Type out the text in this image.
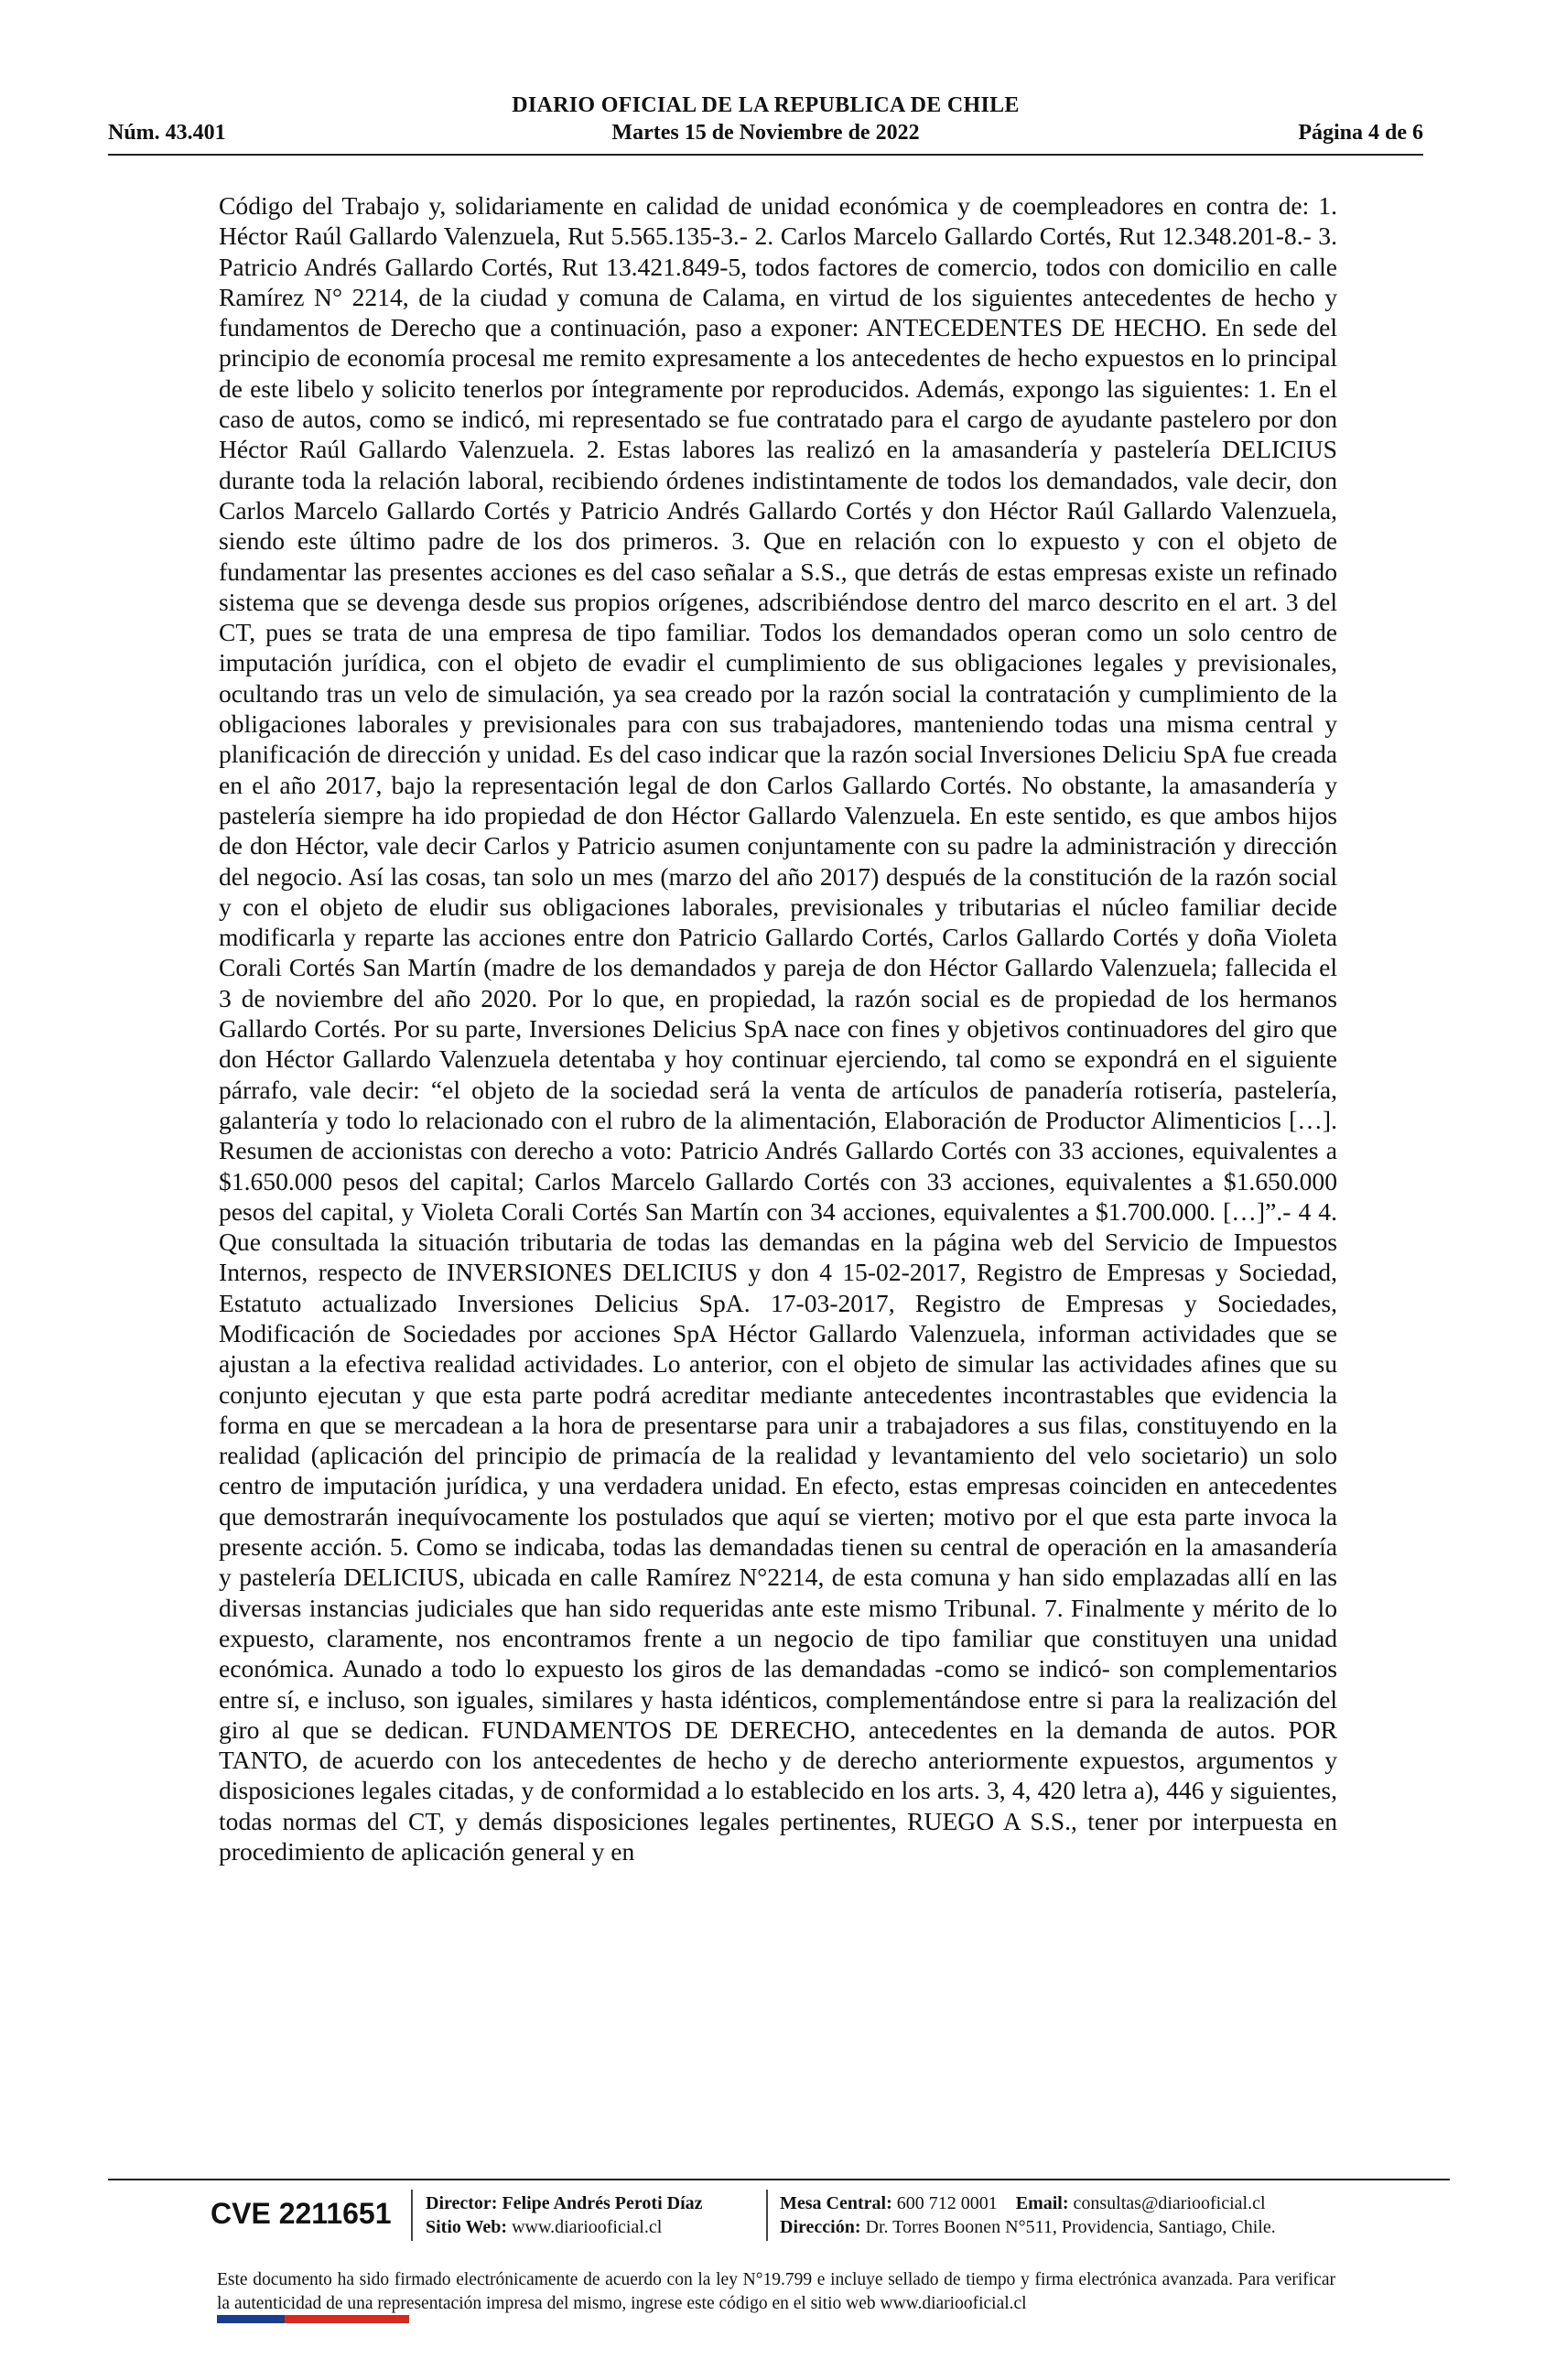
DIARIO OFICIAL DE LA REPUBLICA DE CHILE
Núm. 43.401	Martes 15 de Noviembre de 2022	Página 4 de 6

Código del Trabajo y, solidariamente en calidad de unidad económica y de coempleadores en contra de: 1. Héctor Raúl Gallardo Valenzuela, Rut 5.565.135-3.- 2. Carlos Marcelo Gallardo Cortés, Rut 12.348.201-8.- 3. Patricio Andrés Gallardo Cortés, Rut 13.421.849-5, todos factores de comercio, todos con domicilio en calle Ramírez N° 2214, de la ciudad y comuna de Calama, en virtud de los siguientes antecedentes de hecho y fundamentos de Derecho que a continuación, paso a exponer: ANTECEDENTES DE HECHO. En sede del principio de economía procesal me remito expresamente a los antecedentes de hecho expuestos en lo principal de este libelo y solicito tenerlos por íntegramente por reproducidos. Además, expongo las siguientes: 1. En el caso de autos, como se indicó, mi representado se fue contratado para el cargo de ayudante pastelero por don Héctor Raúl Gallardo Valenzuela. 2. Estas labores las realizó en la amasandería y pastelería DELICIUS durante toda la relación laboral, recibiendo órdenes indistintamente de todos los demandados, vale decir, don Carlos Marcelo Gallardo Cortés y Patricio Andrés Gallardo Cortés y don Héctor Raúl Gallardo Valenzuela, siendo este último padre de los dos primeros. 3. Que en relación con lo expuesto y con el objeto de fundamentar las presentes acciones es del caso señalar a S.S., que detrás de estas empresas existe un refinado sistema que se devenga desde sus propios orígenes, adscribiéndose dentro del marco descrito en el art. 3 del CT, pues se trata de una empresa de tipo familiar. Todos los demandados operan como un solo centro de imputación jurídica, con el objeto de evadir el cumplimiento de sus obligaciones legales y previsionales, ocultando tras un velo de simulación, ya sea creado por la razón social la contratación y cumplimiento de la obligaciones laborales y previsionales para con sus trabajadores, manteniendo todas una misma central y planificación de dirección y unidad. Es del caso indicar que la razón social Inversiones Deliciu SpA fue creada en el año 2017, bajo la representación legal de don Carlos Gallardo Cortés. No obstante, la amasandería y pastelería siempre ha ido propiedad de don Héctor Gallardo Valenzuela. En este sentido, es que ambos hijos de don Héctor, vale decir Carlos y Patricio asumen conjuntamente con su padre la administración y dirección del negocio. Así las cosas, tan solo un mes (marzo del año 2017) después de la constitución de la razón social y con el objeto de eludir sus obligaciones laborales, previsionales y tributarias el núcleo familiar decide modificarla y reparte las acciones entre don Patricio Gallardo Cortés, Carlos Gallardo Cortés y doña Violeta Corali Cortés San Martín (madre de los demandados y pareja de don Héctor Gallardo Valenzuela; fallecida el 3 de noviembre del año 2020. Por lo que, en propiedad, la razón social es de propiedad de los hermanos Gallardo Cortés. Por su parte, Inversiones Delicius SpA nace con fines y objetivos continuadores del giro que don Héctor Gallardo Valenzuela detentaba y hoy continuar ejerciendo, tal como se expondrá en el siguiente párrafo, vale decir: “el objeto de la sociedad será la venta de artículos de panadería rotisería, pastelería, galantería y todo lo relacionado con el rubro de la alimentación, Elaboración de Productor Alimenticios […]. Resumen de accionistas con derecho a voto: Patricio Andrés Gallardo Cortés con 33 acciones, equivalentes a $1.650.000 pesos del capital; Carlos Marcelo Gallardo Cortés con 33 acciones, equivalentes a $1.650.000 pesos del capital, y Violeta Corali Cortés San Martín con 34 acciones, equivalentes a $1.700.000. […]”.- 4 4. Que consultada la situación tributaria de todas las demandas en la página web del Servicio de Impuestos Internos, respecto de INVERSIONES DELICIUS y don 4 15-02-2017, Registro de Empresas y Sociedad, Estatuto actualizado Inversiones Delicius SpA. 17-03-2017, Registro de Empresas y Sociedades, Modificación de Sociedades por acciones SpA Héctor Gallardo Valenzuela, informan actividades que se ajustan a la efectiva realidad actividades. Lo anterior, con el objeto de simular las actividades afines que su conjunto ejecutan y que esta parte podrá acreditar mediante antecedentes incontrastables que evidencia la forma en que se mercadean a la hora de presentarse para unir a trabajadores a sus filas, constituyendo en la realidad (aplicación del principio de primacía de la realidad y levantamiento del velo societario) un solo centro de imputación jurídica, y una verdadera unidad. En efecto, estas empresas coinciden en antecedentes que demostrarán inequívocamente los postulados que aquí se vierten; motivo por el que esta parte invoca la presente acción. 5. Como se indicaba, todas las demandadas tienen su central de operación en la amasandería y pastelería DELICIUS, ubicada en calle Ramírez N°2214, de esta comuna y han sido emplazadas allí en las diversas instancias judiciales que han sido requeridas ante este mismo Tribunal. 7. Finalmente y mérito de lo expuesto, claramente, nos encontramos frente a un negocio de tipo familiar que constituyen una unidad económica. Aunado a todo lo expuesto los giros de las demandadas -como se indicó- son complementarios entre sí, e incluso, son iguales, similares y hasta idénticos, complementándose entre si para la realización del giro al que se dedican. FUNDAMENTOS DE DERECHO, antecedentes en la demanda de autos. POR TANTO, de acuerdo con los antecedentes de hecho y de derecho anteriormente expuestos, argumentos y disposiciones legales citadas, y de conformidad a lo establecido en los arts. 3, 4, 420 letra a), 446 y siguientes, todas normas del CT, y demás disposiciones legales pertinentes, RUEGO A S.S., tener por interpuesta en procedimiento de aplicación general y en

CVE 2211651 Director: Felipe Andrés Peroti Díaz
Sitio Web: www.diariooficial.cl
Mesa Central: 600 712 0001 Email: consultas@diariooficial.cl
Dirección: Dr. Torres Boonen N°511, Providencia, Santiago, Chile.
Este documento ha sido firmado electrónicamente de acuerdo con la ley N°19.799 e incluye sellado de tiempo y firma electrónica avanzada. Para verificar la autenticidad de una representación impresa del mismo, ingrese este código en el sitio web www.diariooficial.cl
